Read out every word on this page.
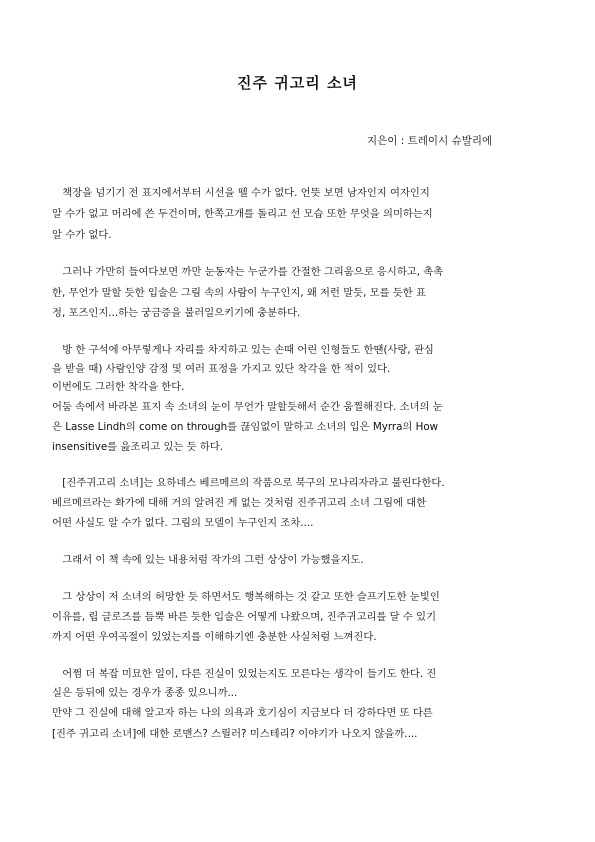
진주 귀고리 소녀
지은이 : 트레이시 슈발리에
　책장을 넘기기 전 표지에서부터 시선을 뗄 수가 없다. 언뜻 보면 남자인지 여자인지
알 수가 없고 머리에 쓴 두건이며, 한쪽고개를 돌리고 선 모습 또한 무엇을 의미하는지
알 수가 없다.
　그러나 가만히 들여다보면 까만 눈동자는 누군가를 간절한 그리움으로 응시하고, 촉촉
한, 무언가 말할 듯한 입술은 그림 속의 사람이 누구인지, 왜 저런 말듯, 모를 듯한 표
정, 포즈인지...하는 궁금증을 불러일으키기에 충분하다.
　방 한 구석에 아무렇게나 자리를 차지하고 있는 손때 어린 인형들도 한땐(사랑, 관심
을 받을 때) 사람인양 감정 및 여러 표정을 가지고 있단 착각을 한 적이 있다.
이번에도 그러한 착각을 한다.
어둠 속에서 바라본 표지 속 소녀의 눈이 무언가 말할듯해서 순간 움찔해진다. 소녀의 눈
은 Lasse Lindh의 come on through를 끊임없이 말하고 소녀의 입은 Myrra의 How
insensitive를 읊조리고 있는 듯 하다.
　[진주귀고리 소녀]는 요하네스 베르메르의 작품으로 북구의 모나리자라고 불린다한다.
베르메르라는 화가에 대해 거의 알려진 게 없는 것처럼 진주귀고리 소녀 그림에 대한
어떤 사실도 알 수가 없다. 그림의 모델이 누구인지 조차....
　그래서 이 책 속에 있는 내용처럼 작가의 그런 상상이 가능했을지도.
　그 상상이 저 소녀의 허망한 듯 하면서도 행복해하는 것 같고 또한 슬프기도한 눈빛인
이유를, 립 글로즈를 듬뿍 바른 듯한 입술은 어떻게 나왔으며, 진주귀고리를 달 수 있기
까지 어떤 우여곡절이 있었는지를 이해하기엔 충분한 사실처럼 느껴진다.
　어쩜 더 복잡 미묘한 일이, 다른 진실이 있었는지도 모른다는 생각이 들기도 한다. 진
실은 등뒤에 있는 경우가 종종 있으니까...
만약 그 진실에 대해 알고자 하는 나의 의욕과 호기심이 지금보다 더 강하다면 또 다른
[진주 귀고리 소녀]에 대한 로맨스? 스릴러? 미스테리? 이야기가 나오지 않을까....
